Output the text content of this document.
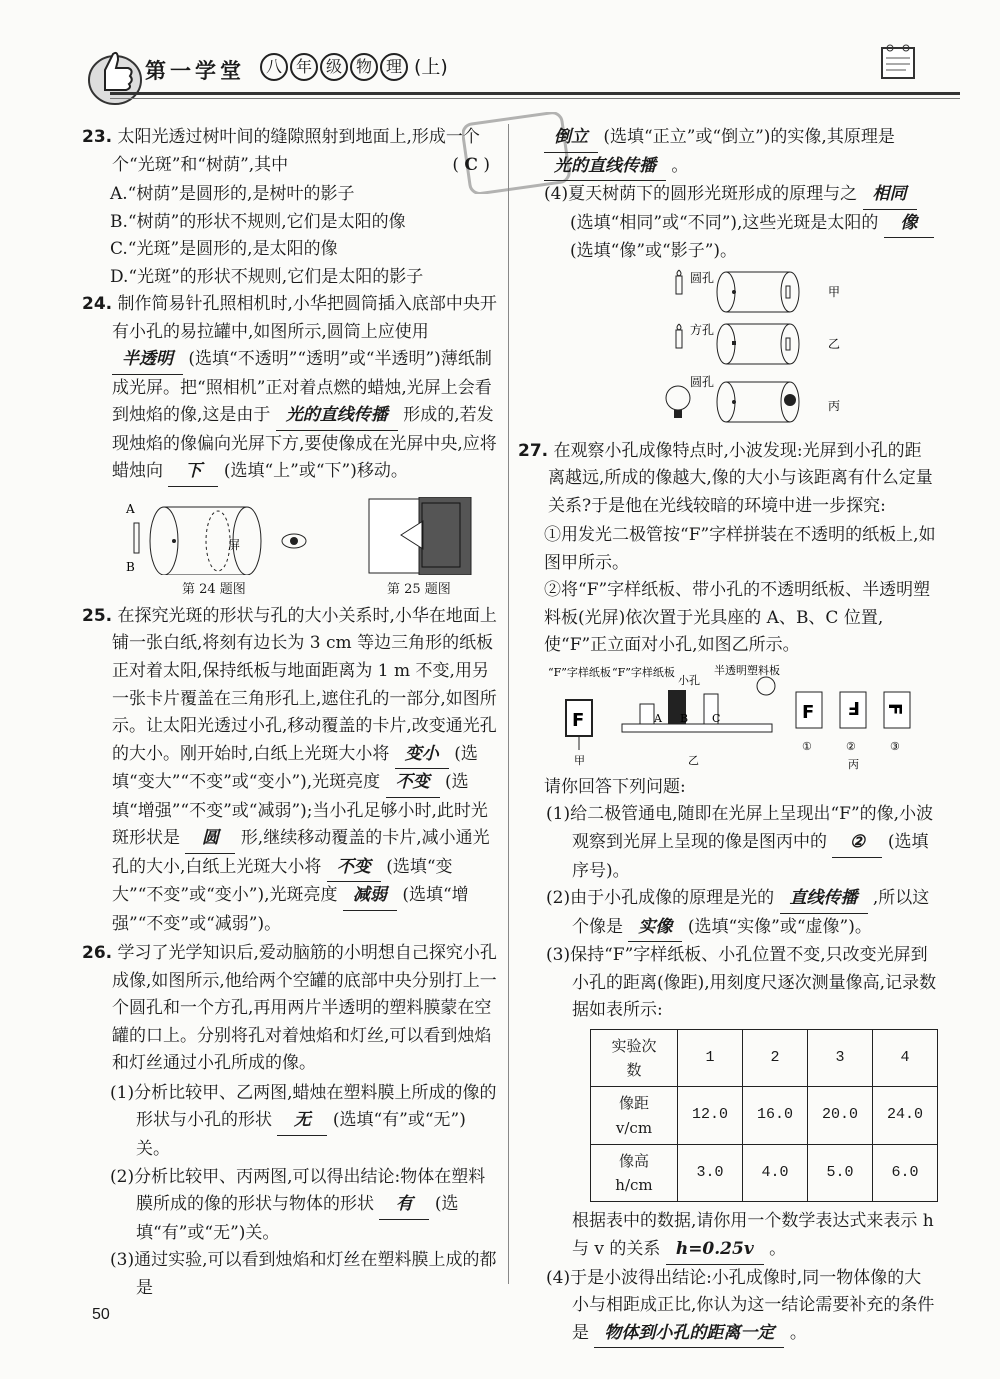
第一学堂	八 年 级 物 理 (上)
23. 太阳光透过树叶间的缝隙照射到地面上,形成一个个“光斑”和“树荫”,其中	( C )
A.“树荫”是圆形的,是树叶的影子
B.“树荫”的形状不规则,它们是太阳的像
C.“光斑”是圆形的,是太阳的像
D.“光斑”的形状不规则,它们是太阳的影子
24. 制作简易针孔照相机时,小华把圆筒插入底部中央开有小孔的易拉罐中,如图所示,圆筒上应使用 半透明 (选填“不透明”“透明”或“半透明”)薄纸制成光屏。把“照相机”正对着点燃的蜡烛,光屏上会看到烛焰的像,这是由于 光的直线传播 形成的,若发现烛焰的像偏向光屏下方,要使像成在光屏中央,应将蜡烛向 下 (选填“上”或“下”)移动。
A
B
屏
第 24 题图	第 25 题图
25. 在探究光斑的形状与孔的大小关系时,小华在地面上铺一张白纸,将刻有边长为 3 cm 等边三角形的纸板正对着太阳,保持纸板与地面距离为 1 m 不变,用另一张卡片覆盖在三角形孔上,遮住孔的一部分,如图所示。让太阳光透过小孔,移动覆盖的卡片,改变通光孔的大小。刚开始时,白纸上光斑大小将 变小 (选填“变大”“不变”或“变小”),光斑亮度 不变 (选填“增强”“不变”或“减弱”);当小孔足够小时,此时光斑形状是 圆 形,继续移动覆盖的卡片,减小通光孔的大小,白纸上光斑大小将 不变 (选填“变大”“不变”或“变小”),光斑亮度 减弱 (选填“增强”“不变”或“减弱”)。
26. 学习了光学知识后,爱动脑筋的小明想自己探究小孔成像,如图所示,他给两个空罐的底部中央分别打上一个圆孔和一个方孔,再用两片半透明的塑料膜蒙在空罐的口上。分别将孔对着烛焰和灯丝,可以看到烛焰和灯丝通过小孔所成的像。
(1)分析比较甲、乙两图,蜡烛在塑料膜上所成的像的形状与小孔的形状 无 (选填“有”或“无”)关。
(2)分析比较甲、丙两图,可以得出结论:物体在塑料膜所成的像的形状与物体的形状 有 (选填“有”或“无”)关。
(3)通过实验,可以看到烛焰和灯丝在塑料膜上成的都是
倒立 (选填“正立”或“倒立”)的实像,其原理是 光的直线传播 。
(4)夏天树荫下的圆形光斑形成的原理与之 相同 (选填“相同”或“不同”),这些光斑是太阳的 像 (选填“像”或“影子”)。
圆孔
甲
方孔
乙
圆孔
丙
27. 在观察小孔成像特点时,小波发现:光屏到小孔的距离越远,所成的像越大,像的大小与该距离有什么定量关系?于是他在光线较暗的环境中进一步探究:
①用发光二极管按“F”字样拼装在不透明的纸板上,如图甲所示。
②将“F”字样纸板、带小孔的不透明纸板、半透明塑料板(光屏)依次置于光具座的 A、B、C 位置,使“F”正立面对小孔,如图乙所示。
“F”字样纸板 “F”字样纸板
小孔
半透明塑料板
F
甲
A B C
乙
F F F
①	②	③
丙
请你回答下列问题:
(1)给二极管通电,随即在光屏上呈现出“F”的像,小波观察到光屏上呈现的像是图丙中的 ② (选填序号)。
(2)由于小孔成像的原理是光的 直线传播 ,所以这个像是 实像 (选填“实像”或“虚像”)。
(3)保持“F”字样纸板、小孔位置不变,只改变光屏到小孔的距离(像距),用刻度尺逐次测量像高,记录数据如表所示:
实验次数	1	2	3	4
像距 v/cm	12.0	16.0	20.0	24.0
像高 h/cm	3.0	4.0	5.0	6.0
根据表中的数据,请你用一个数学表达式来表示 h 与 v 的关系 h=0.25v 。
(4)于是小波得出结论:小孔成像时,同一物体像的大小与相距成正比,你认为这一结论需要补充的条件是 物体到小孔的距离一定 。
50
